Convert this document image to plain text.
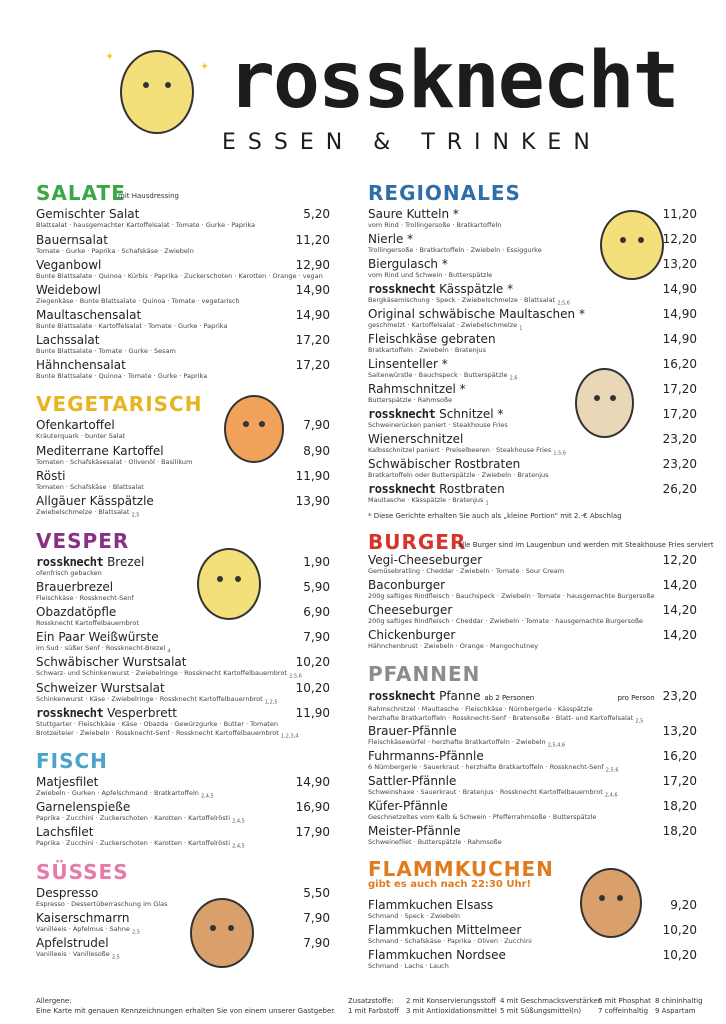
✦
✦ rossknecht
ESSEN & TRINKEN
SALATE
mit Hausdressing
Gemischter Salat
Blattsalat · hausgemachter Kartoffelsalat · Tomate · Gurke · Paprika
5,20
Bauernsalat
Tomate · Gurke · Paprika · Schafskäse · Zwiebeln
11,20
Veganbowl
Bunte Blattsalate · Quinoa · Kürbis · Paprika · Zuckerschoten · Karotten · Orange · vegan
12,90
Weidebowl
Ziegenkäse · Bunte Blattsalate · Quinoa · Tomate · vegetarisch
14,90
Maultaschensalat
Bunte Blattsalate · Kartoffelsalat · Tomate · Gurke · Paprika
14,90
Lachssalat
Bunte Blattsalate · Tomate · Gurke · Sesam
17,20
Hähnchensalat
Bunte Blattsalate · Quinoa · Tomate · Gurke · Paprika
17,20
VEGETARISCH
Ofenkartoffel
Kräuterquark · bunter Salat
7,90
Mediterrane Kartoffel
Tomaten · Schafskäsesalat · Olivenöl · Basilikum
8,90
Rösti
Tomaten · Schafskäse · Blattsalat
11,90
Allgäuer Kässpätzle
Zwiebelschmelze · Blattsalat $_{2,5}$
13,90
VESPER
rossknecht Brezel
ofenfrisch gebacken
1,90
Brauerbrezel
Fleischkäse · Rossknecht-Senf
5,90
Obazdatöpfle
Rossknecht Kartoffelbauernbrot
6,90
Ein Paar Weißwürste
im Sud · süßer Senf · Rossknecht-Brezel $_4$
7,90
Schwäbischer Wurstsalat
Schwarz- und Schinkenwurst · Zwiebelringe · Rossknecht Kartoffelbauernbrot $_{2,5,6}$
10,20
Schweizer Wurstsalat
Schinkenwurst · Käse · Zwiebelringe · Rossknecht Kartoffelbauernbrot $_{1,2,5}$
10,20
rossknecht Vesperbrett
Stuttgarter · Fleischkäse · Käse · Obazda · Gewürzgurke · Butter · Tomaten
Brotzeiteier · Zwiebeln · Rossknecht-Senf · Rossknecht Kartoffelbauernbrot $_{1,2,3,4}$
11,90
FISCH
Matjesfilet
Zwiebeln · Gurken · Apfelschmand · Bratkartoffeln $_{2,4,5}$
14,90
Garnelenspieße
Paprika · Zucchini · Zuckerschoten · Karotten · Kartoffelrösti $_{2,4,5}$
16,90
Lachsfilet
Paprika · Zucchini · Zuckerschoten · Karotten · Kartoffelrösti $_{2,4,5}$
17,90
SÜSSES
Despresso
Espresso · Dessertüberraschung im Glas
5,50
Kaiserschmarrn
Vanilleeis · Apfelmus · Sahne $_{2,5}$
7,90
Apfelstrudel
Vanilleeis · Vanillesoße $_{2,5}$
7,90
REGIONALES
Saure Kutteln *
vom Rind · Trollingersoße · Bratkartoffeln
11,20
Nierle *
Trollingersoße · Bratkartoffeln · Zwiebeln · Essiggurke
12,20
Biergulasch *
vom Rind und Schwein · Butterspätzle
13,20
rossknecht Kässpätzle *
Bergkäsemischung · Speck · Zwiebelschmelze · Blattsalat $_{2,5,6}$
14,90
Original schwäbische Maultaschen *
geschmelzt · Kartoffelsalat · Zwiebelschmelze $_1$
14,90
Fleischkäse gebraten
Bratkartoffeln · Zwiebeln · Bratenjus
14,90
Linsenteller *
Saitenwürstle · Bauchspeck · Butterspätzle $_{2,6}$
16,20
Rahmschnitzel *
Butterspätzle · Rahmsoße
17,20
rossknecht Schnitzel *
Schweinerücken paniert · Steakhouse Fries
17,20
Wienerschnitzel
Kalbsschnitzel paniert · Preiselbeeren · Steakhouse Fries $_{1,5,6}$
23,20
Schwäbischer Rostbraten
Bratkartoffeln oder Butterspätzle · Zwiebeln · Bratenjus
23,20
rossknecht Rostbraten
Maultasche · Kässpätzle · Bratenjus $_1$
26,20
* Diese Gerichte erhalten Sie auch als „kleine Portion" mit 2.-€ Abschlag
BURGER
alle Burger sind im Laugenbun und werden mit Steakhouse Fries serviert
Vegi-Cheeseburger
Gemüsebratling · Cheddar · Zwiebeln · Tomate · Sour Cream
12,20
Baconburger
200g saftiges Rindfleisch · Bauchspeck · Zwiebeln · Tomate · hausgemachte Burgersoße
14,20
Cheeseburger
200g saftiges Rindfleisch · Cheddar · Zwiebeln · Tomate · hausgemachte Burgersoße
14,20
Chickenburger
Hähnchenbrust · Zwiebeln · Orange · Mangochutney
14,20
PFANNEN
rossknecht Pfanne ab 2 Personen
Rahmschnitzel · Maultasche · Fleischkäse · Nürnbergerle · Kässpätzle
herzhafte Bratkartoffeln · Rossknecht-Senf · Bratensoße · Blatt- und Kartoffelsalat $_{2,5}$
pro Person 23,20
Brauer-Pfännle
Fleischkäsewürfel · herzhafte Bratkartoffeln · Zwiebeln $_{2,5,4,6}$
13,20
Fuhrmanns-Pfännle
6 Nürnbergerle · Sauerkraut · herzhafte Bratkartoffeln · Rossknecht-Senf $_{2,5,6}$
16,20
Sattler-Pfännle
Schweinshaxe · Sauerkraut · Bratenjus · Rossknecht Kartoffelbauernbrot $_{2,4,6}$
17,20
Küfer-Pfännle
Geschnetzeltes vom Kalb & Schwein · Pfefferrahmsoße · Butterspätzle
18,20
Meister-Pfännle
Schweinefilet · Butterspätzle · Rahmsoße
18,20
FLAMMKUCHEN
gibt es auch nach 22:30 Uhr!
Flammkuchen Elsass
Schmand · Speck · Zwiebeln
9,20
Flammkuchen Mittelmeer
Schmand · Schafskäse · Paprika · Oliven · Zucchini
10,20
Flammkuchen Nordsee
Schmand · Lachs · Lauch
10,20
Allergene:
Eine Karte mit genauen Kennzeichnungen erhalten Sie von einem unserer Gastgeber.
Zusatzstoffe:
1 mit Farbstoff
2 mit Konservierungsstoff
3 mit Antioxidationsmittel
4 mit Geschmacksverstärker
5 mit Süßungsmittel(n)
6 mit Phosphat
7 coffeinhaltig
8 chininhaltig
9 Aspartam
